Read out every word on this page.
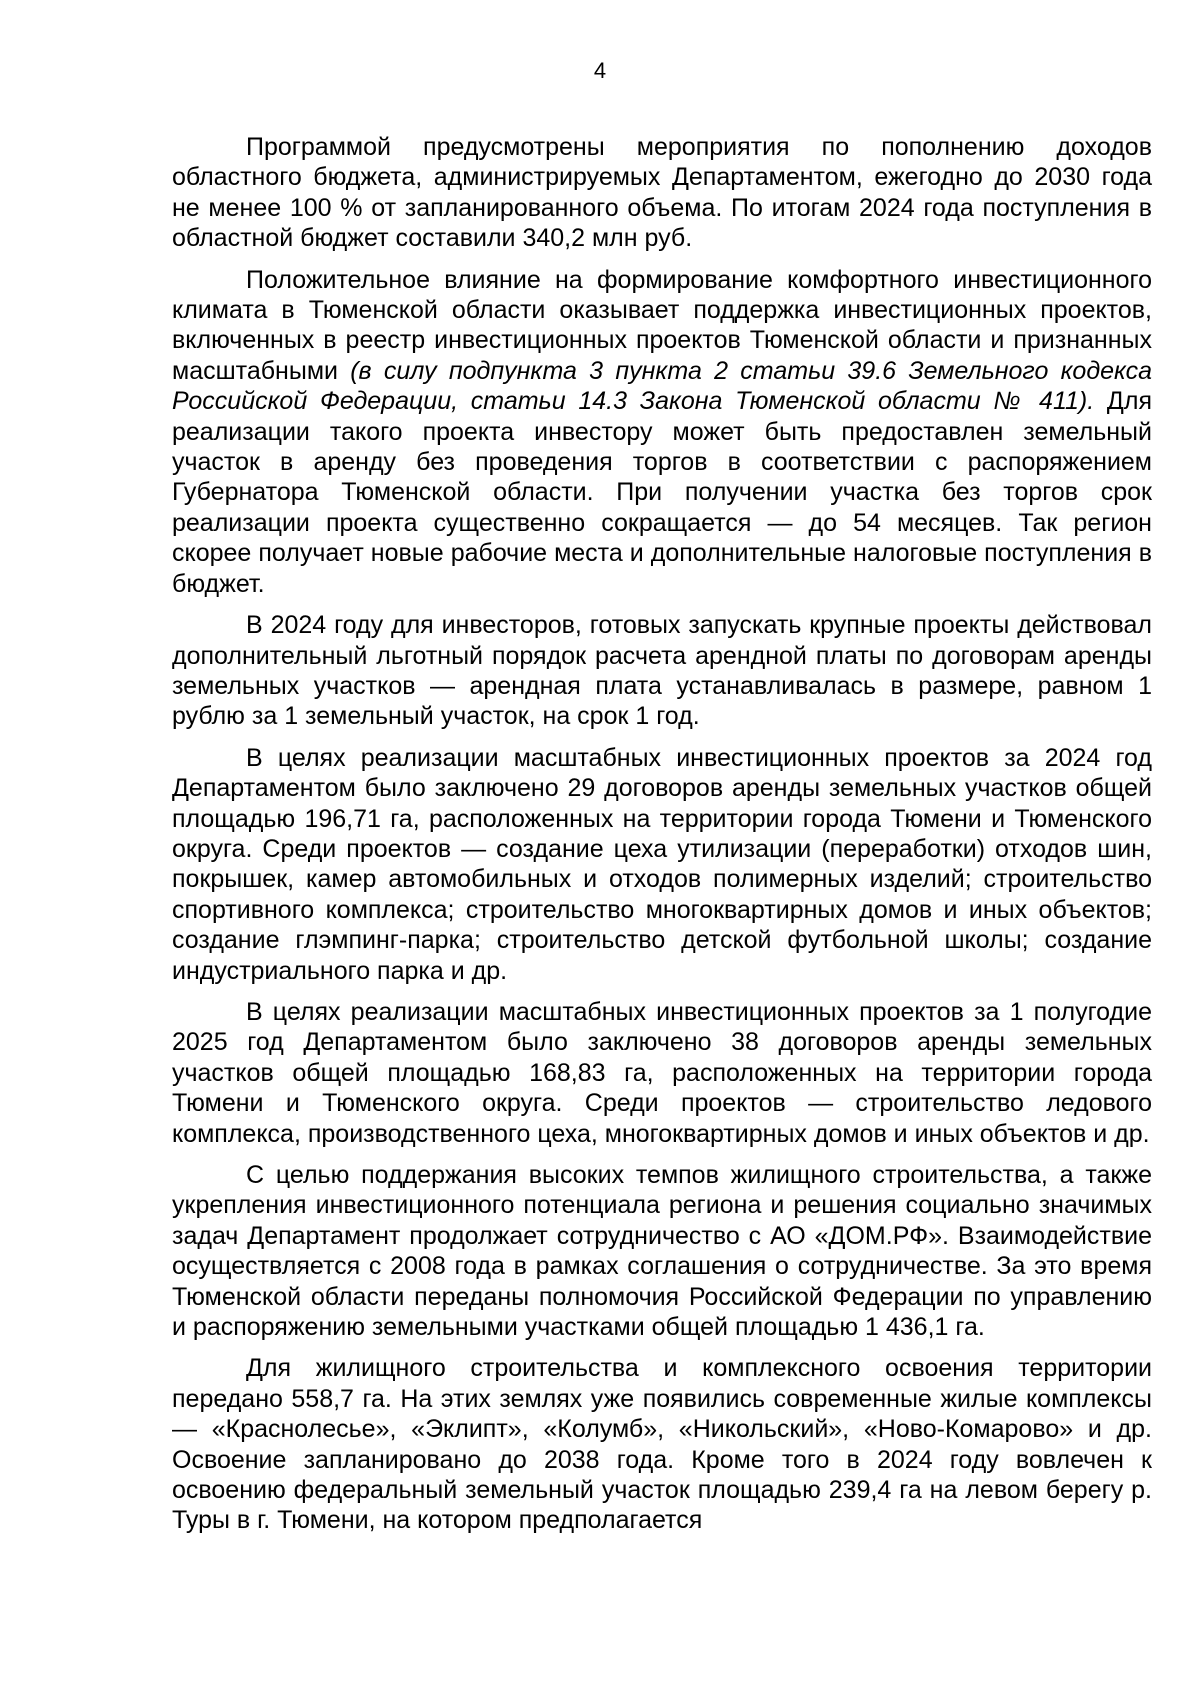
4

Программой предусмотрены мероприятия по пополнению доходов областного бюджета, администрируемых Департаментом, ежегодно до 2030 года не менее 100 % от запланированного объема. По итогам 2024 года поступления в областной бюджет составили 340,2 млн руб.

Положительное влияние на формирование комфортного инвестиционного климата в Тюменской области оказывает поддержка инвестиционных проектов, включенных в реестр инвестиционных проектов Тюменской области и признанных масштабными (в силу подпункта 3 пункта 2 статьи 39.6 Земельного кодекса Российской Федерации, статьи 14.3 Закона Тюменской области № 411). Для реализации такого проекта инвестору может быть предоставлен земельный участок в аренду без проведения торгов в соответствии с распоряжением Губернатора Тюменской области. При получении участка без торгов срок реализации проекта существенно сокращается — до 54 месяцев. Так регион скорее получает новые рабочие места и дополнительные налоговые поступления в бюджет.

В 2024 году для инвесторов, готовых запускать крупные проекты действовал дополнительный льготный порядок расчета арендной платы по договорам аренды земельных участков — арендная плата устанавливалась в размере, равном 1 рублю за 1 земельный участок, на срок 1 год.

В целях реализации масштабных инвестиционных проектов за 2024 год Департаментом было заключено 29 договоров аренды земельных участков общей площадью 196,71 га, расположенных на территории города Тюмени и Тюменского округа. Среди проектов — создание цеха утилизации (переработки) отходов шин, покрышек, камер автомобильных и отходов полимерных изделий; строительство спортивного комплекса; строительство многоквартирных домов и иных объектов; создание глэмпинг-парка; строительство детской футбольной школы; создание индустриального парка и др.

В целях реализации масштабных инвестиционных проектов за 1 полугодие 2025 год Департаментом было заключено 38 договоров аренды земельных участков общей площадью 168,83 га, расположенных на территории города Тюмени и Тюменского округа. Среди проектов — строительство ледового комплекса, производственного цеха, многоквартирных домов и иных объектов и др.

С целью поддержания высоких темпов жилищного строительства, а также укрепления инвестиционного потенциала региона и решения социально значимых задач Департамент продолжает сотрудничество с АО «ДОМ.РФ». Взаимодействие осуществляется с 2008 года в рамках соглашения о сотрудничестве. За это время Тюменской области переданы полномочия Российской Федерации по управлению и распоряжению земельными участками общей площадью 1 436,1 га.

Для жилищного строительства и комплексного освоения территории передано 558,7 га. На этих землях уже появились современные жилые комплексы — «Краснолесье», «Эклипт», «Колумб», «Никольский», «Ново-Комарово» и др. Освоение запланировано до 2038 года. Кроме того в 2024 году вовлечен к освоению федеральный земельный участок площадью 239,4 га на левом берегу р. Туры в г. Тюмени, на котором предполагается
